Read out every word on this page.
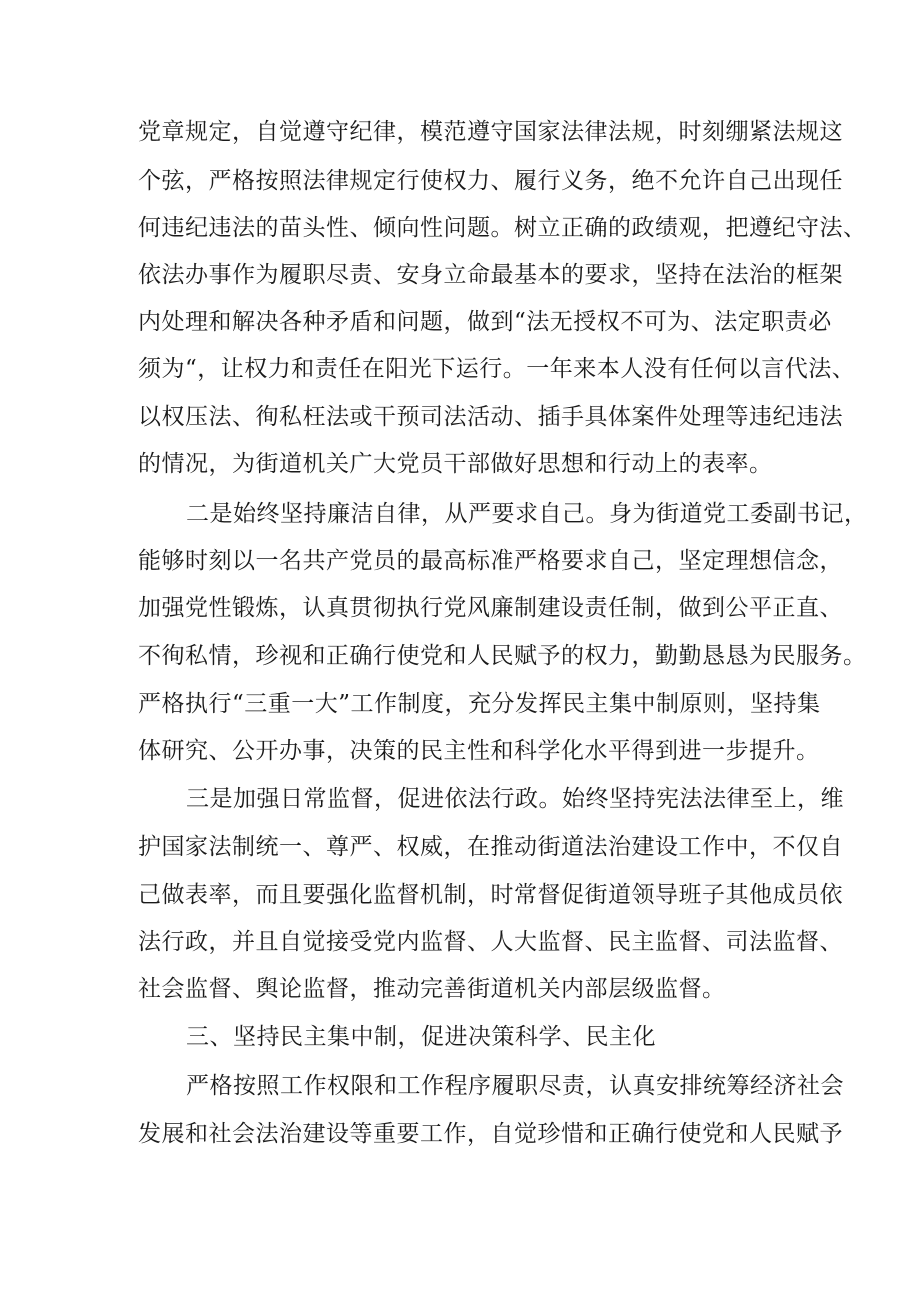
党章规定，自觉遵守纪律，模范遵守国家法律法规，时刻绷紧法规这
个弦，严格按照法律规定行使权力、履行义务，绝不允许自己出现任
何违纪违法的苗头性、倾向性问题。树立正确的政绩观，把遵纪守法、
依法办事作为履职尽责、安身立命最基本的要求，坚持在法治的框架
内处理和解决各种矛盾和问题，做到“法无授权不可为、法定职责必
须为“，让权力和责任在阳光下运行。一年来本人没有任何以言代法、
以权压法、徇私枉法或干预司法活动、插手具体案件处理等违纪违法
的情况，为街道机关广大党员干部做好思想和行动上的表率。
二是始终坚持廉洁自律，从严要求自己。身为街道党工委副书记，
能够时刻以一名共产党员的最高标准严格要求自己，坚定理想信念，
加强党性锻炼，认真贯彻执行党风廉制建设责任制，做到公平正直、
不徇私情，珍视和正确行使党和人民赋予的权力，勤勤恳恳为民服务。
严格执行“三重一大”工作制度，充分发挥民主集中制原则，坚持集
体研究、公开办事，决策的民主性和科学化水平得到进一步提升。
三是加强日常监督，促进依法行政。始终坚持宪法法律至上，维
护国家法制统一、尊严、权威，在推动街道法治建设工作中，不仅自
己做表率，而且要强化监督机制，时常督促街道领导班子其他成员依
法行政，并且自觉接受党内监督、人大监督、民主监督、司法监督、
社会监督、舆论监督，推动完善街道机关内部层级监督。
三、坚持民主集中制，促进决策科学、民主化
严格按照工作权限和工作程序履职尽责，认真安排统筹经济社会
发展和社会法治建设等重要工作，自觉珍惜和正确行使党和人民赋予
